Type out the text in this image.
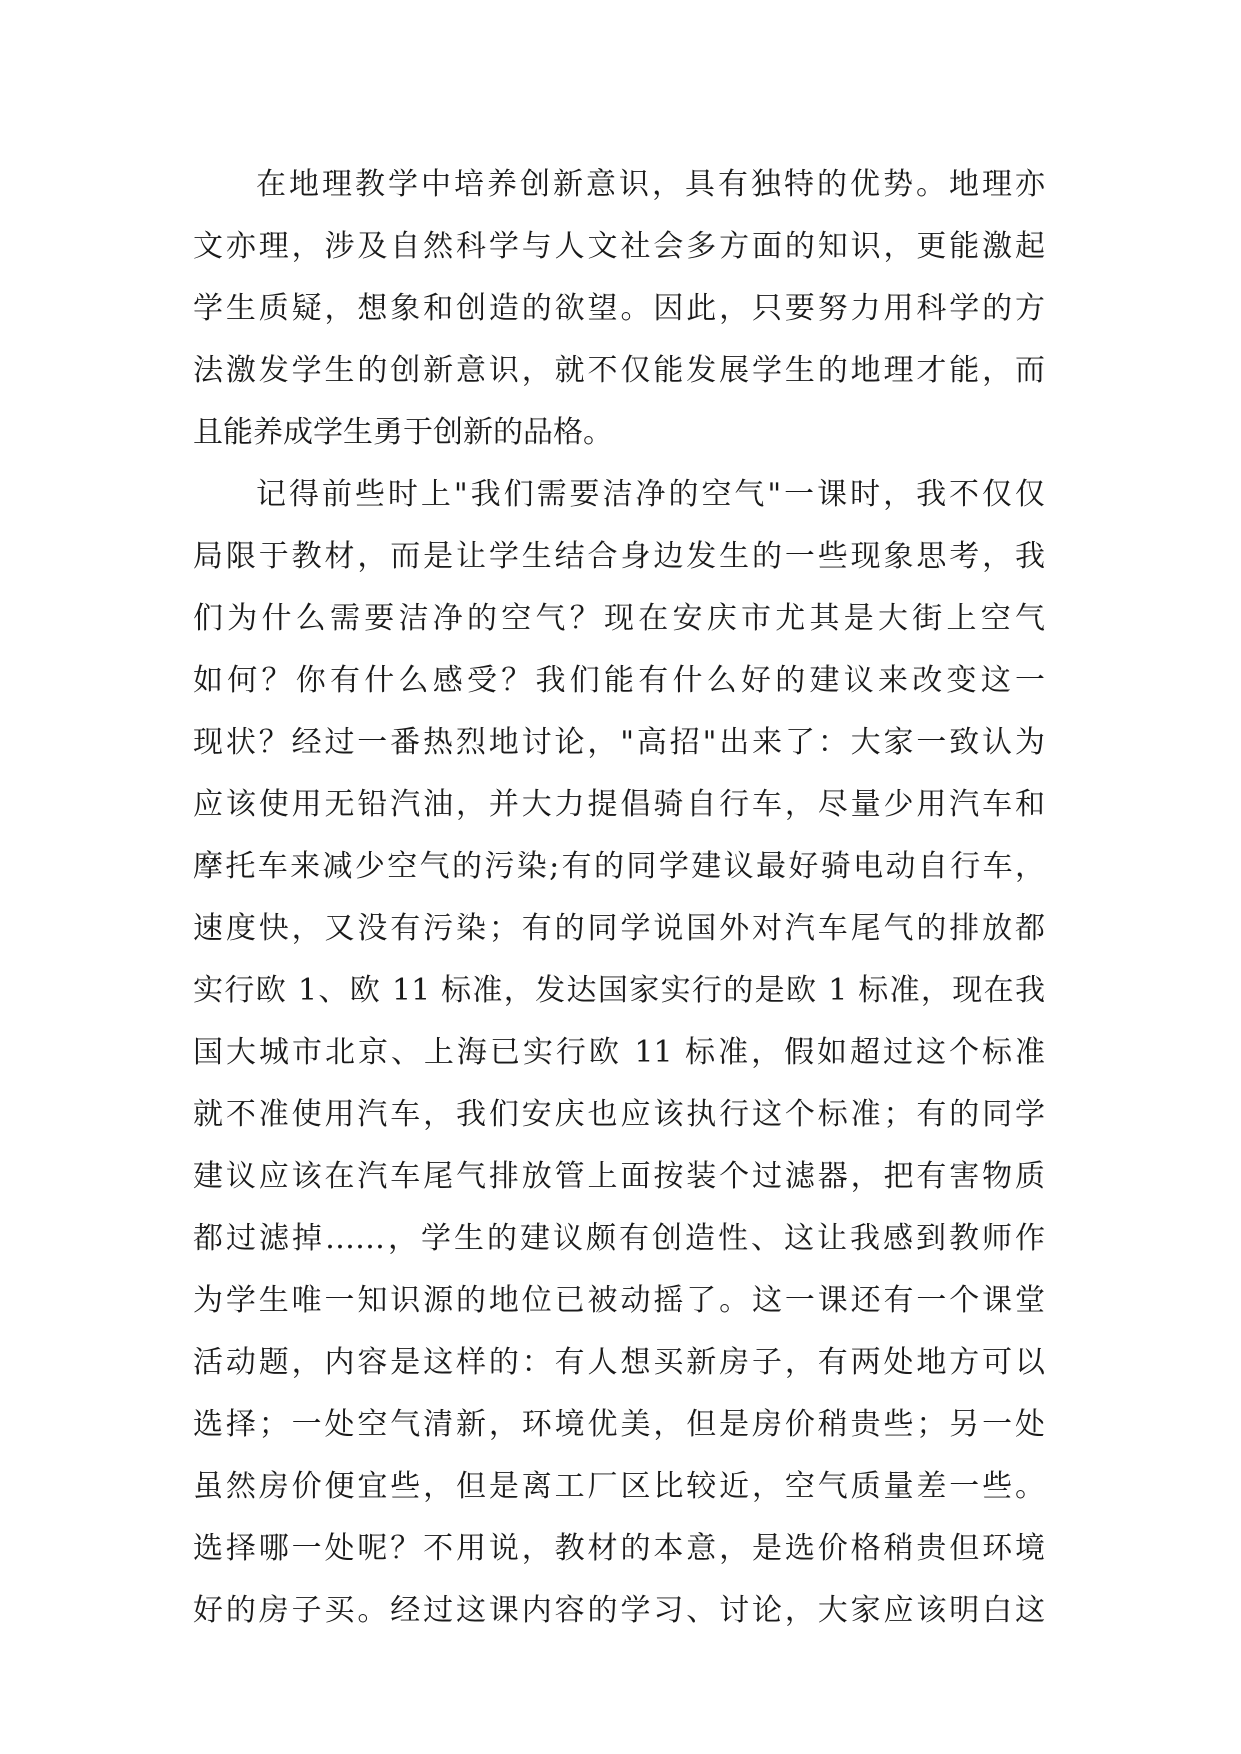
在地理教学中培养创新意识，具有独特的优势。地理亦
文亦理，涉及自然科学与人文社会多方面的知识，更能激起
学生质疑，想象和创造的欲望。因此，只要努力用科学的方
法激发学生的创新意识，就不仅能发展学生的地理才能，而
且能养成学生勇于创新的品格。
记得前些时上"我们需要洁净的空气"一课时，我不仅仅
局限于教材，而是让学生结合身边发生的一些现象思考，我
们为什么需要洁净的空气？现在安庆市尤其是大街上空气
如何？你有什么感受？我们能有什么好的建议来改变这一
现状？经过一番热烈地讨论，"高招"出来了：大家一致认为
应该使用无铅汽油，并大力提倡骑自行车，尽量少用汽车和
摩托车来减少空气的污染;有的同学建议最好骑电动自行车，
速度快，又没有污染；有的同学说国外对汽车尾气的排放都
实行欧 1、欧 11 标准，发达国家实行的是欧 1 标准，现在我
国大城市北京、上海已实行欧 11 标准，假如超过这个标准
就不准使用汽车，我们安庆也应该执行这个标准；有的同学
建议应该在汽车尾气排放管上面按装个过滤器，把有害物质
都过滤掉……，学生的建议颇有创造性、这让我感到教师作
为学生唯一知识源的地位已被动摇了。这一课还有一个课堂
活动题，内容是这样的：有人想买新房子，有两处地方可以
选择；一处空气清新，环境优美，但是房价稍贵些；另一处
虽然房价便宜些，但是离工厂区比较近，空气质量差一些。
选择哪一处呢？不用说，教材的本意，是选价格稍贵但环境
好的房子买。经过这课内容的学习、讨论，大家应该明白这
